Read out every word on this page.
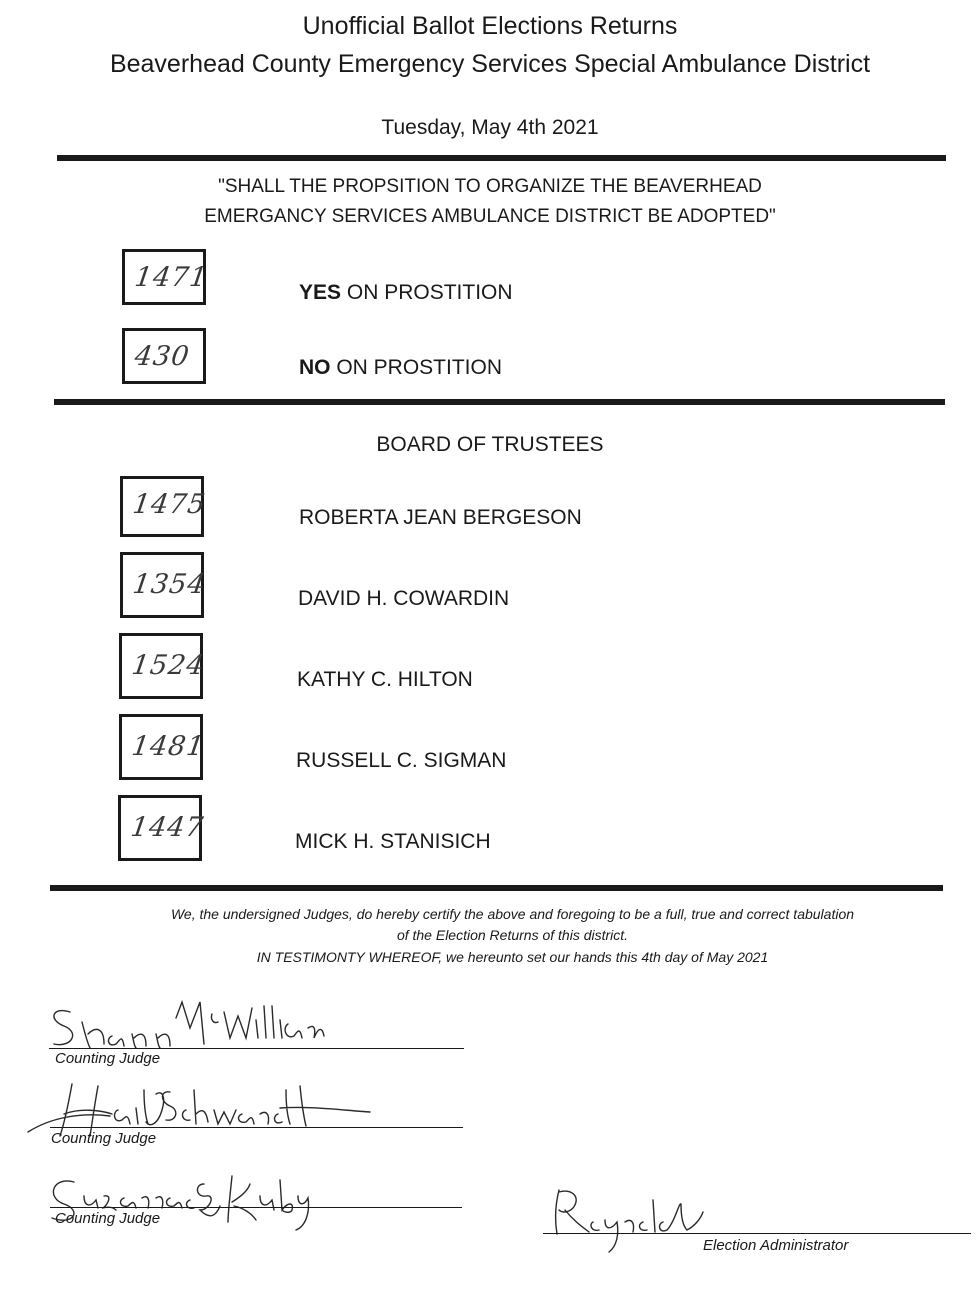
Unofficial Ballot Elections Returns
Beaverhead County Emergency Services Special Ambulance District
Tuesday, May 4th 2021
"SHALL THE PROPSITION TO ORGANIZE THE BEAVERHEAD
EMERGANCY SERVICES AMBULANCE DISTRICT BE ADOPTED"
1471	YES ON PROSTITION
430	NO ON PROSTITION
BOARD OF TRUSTEES
1475	ROBERTA JEAN BERGESON
1354	DAVID H. COWARDIN
1524	KATHY C. HILTON
1481	RUSSELL C. SIGMAN
1447	MICK H. STANISICH
We, the undersigned Judges, do hereby certify the above and foregoing to be a full, true and correct tabulation
of the Election Returns of this district.
IN TESTIMONTY WHEREOF, we hereunto set our hands this 4th day of May 2021
Counting Judge
Counting Judge
Counting Judge
Election Administrator
